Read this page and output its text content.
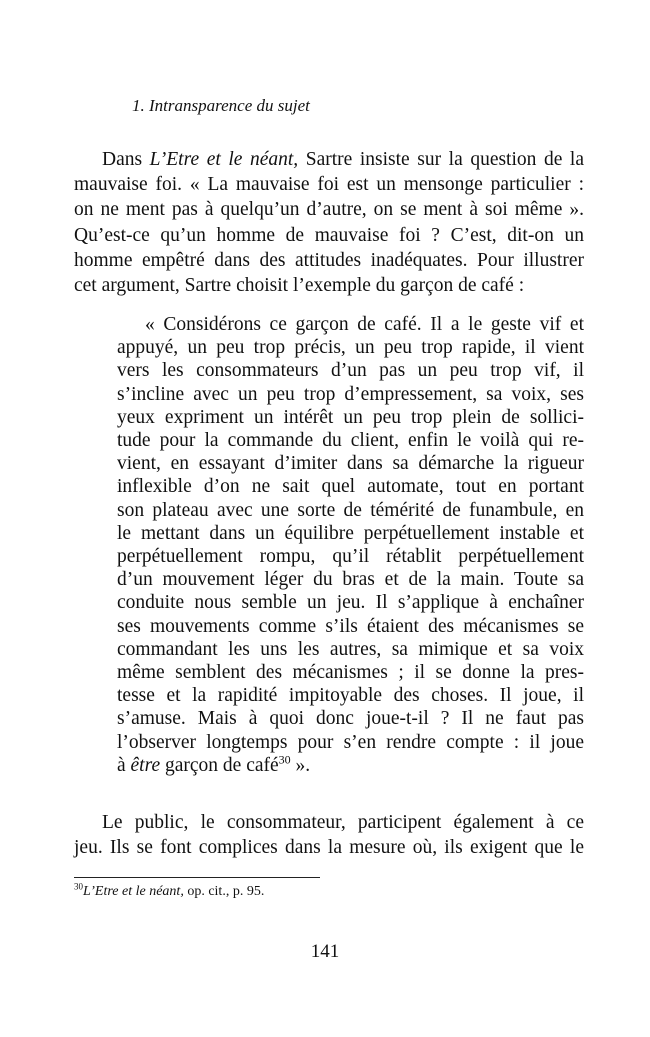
1. Intransparence du sujet
Dans L’Etre et le néant, Sartre insiste sur la question de la
mauvaise foi. « La mauvaise foi est un mensonge particulier :
on ne ment pas à quelqu’un d’autre, on se ment à soi même ».
Qu’est-ce qu’un homme de mauvaise foi ? C’est, dit-on un
homme empêtré dans des attitudes inadéquates. Pour illustrer
cet argument, Sartre choisit l’exemple du garçon de café :
« Considérons ce garçon de café. Il a le geste vif et
appuyé, un peu trop précis, un peu trop rapide, il vient
vers les consommateurs d’un pas un peu trop vif, il
s’incline avec un peu trop d’empressement, sa voix, ses
yeux expriment un intérêt un peu trop plein de sollici-
tude pour la commande du client, enfin le voilà qui re-
vient, en essayant d’imiter dans sa démarche la rigueur
inflexible d’on ne sait quel automate, tout en portant
son plateau avec une sorte de témérité de funambule, en
le mettant dans un équilibre perpétuellement instable et
perpétuellement rompu, qu’il rétablit perpétuellement
d’un mouvement léger du bras et de la main. Toute sa
conduite nous semble un jeu. Il s’applique à enchaîner
ses mouvements comme s’ils étaient des mécanismes se
commandant les uns les autres, sa mimique et sa voix
même semblent des mécanismes ; il se donne la pres-
tesse et la rapidité impitoyable des choses. Il joue, il
s’amuse. Mais à quoi donc joue-t-il ? Il ne faut pas
l’observer longtemps pour s’en rendre compte : il joue
à être garçon de café$^{30}$ ».
Le public, le consommateur, participent également à ce
jeu. Ils se font complices dans la mesure où, ils exigent que le
$^{30}$L’Etre et le néant, op. cit., p. 95.
141
